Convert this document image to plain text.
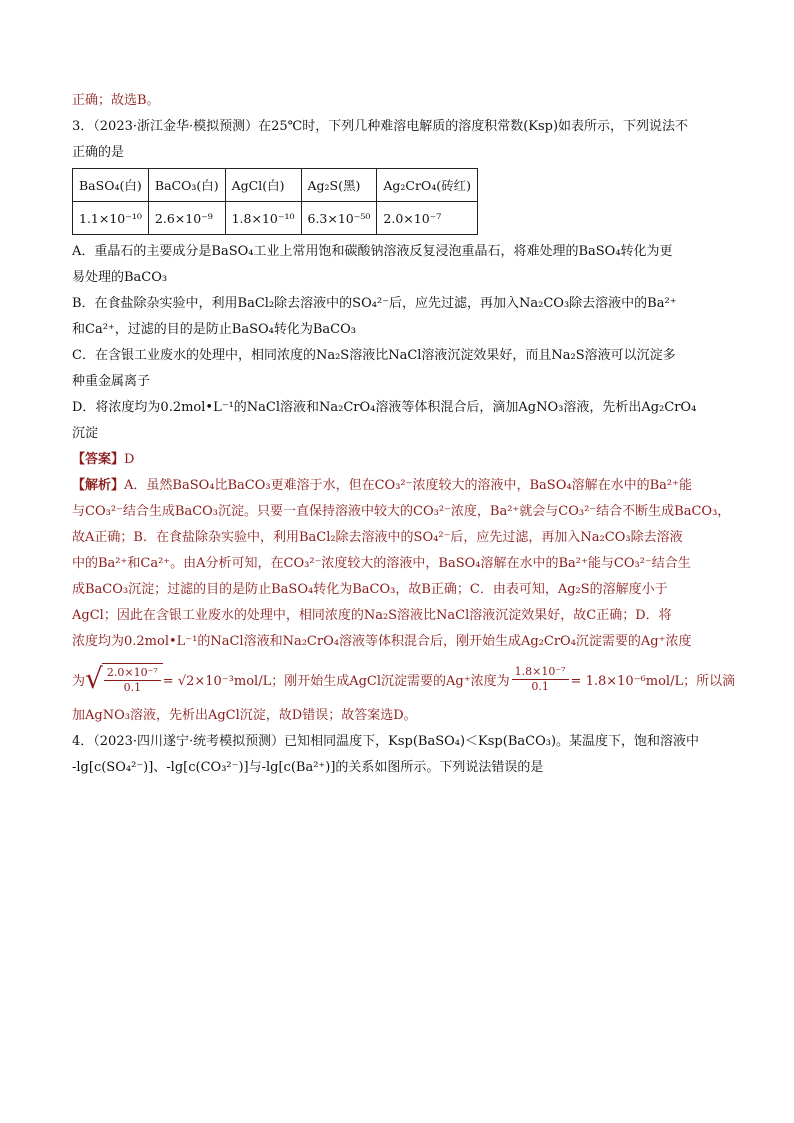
正确；故选B。
3．（2023·浙江金华·模拟预测）在25℃时，下列几种难溶电解质的溶度积常数(Ksp)如表所示，下列说法不
正确的是
BaSO₄(白)	BaCO₃(白)	AgCl(白)	Ag₂S(黑)	Ag₂CrO₄(砖红)
1.1×10⁻¹⁰	2.6×10⁻⁹	1.8×10⁻¹⁰	6.3×10⁻⁵⁰	2.0×10⁻⁷
A．重晶石的主要成分是BaSO₄工业上常用饱和碳酸钠溶液反复浸泡重晶石，将难处理的BaSO₄转化为更
易处理的BaCO₃
B．在食盐除杂实验中，利用BaCl₂除去溶液中的SO₄²⁻后，应先过滤，再加入Na₂CO₃除去溶液中的Ba²⁺
和Ca²⁺，过滤的目的是防止BaSO₄转化为BaCO₃
C．在含银工业废水的处理中，相同浓度的Na₂S溶液比NaCl溶液沉淀效果好，而且Na₂S溶液可以沉淀多
种重金属离子
D．将浓度均为0.2mol•L⁻¹的NaCl溶液和Na₂CrO₄溶液等体积混合后，滴加AgNO₃溶液，先析出Ag₂CrO₄
沉淀
【答案】D
【解析】A．虽然BaSO₄比BaCO₃更难溶于水，但在CO₃²⁻浓度较大的溶液中，BaSO₄溶解在水中的Ba²⁺能
与CO₃²⁻结合生成BaCO₃沉淀。只要一直保持溶液中较大的CO₃²⁻浓度，Ba²⁺就会与CO₃²⁻结合不断生成BaCO₃，
故A正确；B．在食盐除杂实验中，利用BaCl₂除去溶液中的SO₄²⁻后，应先过滤，再加入Na₂CO₃除去溶液
中的Ba²⁺和Ca²⁺。由A分析可知，在CO₃²⁻浓度较大的溶液中，BaSO₄溶解在水中的Ba²⁺能与CO₃²⁻结合生
成BaCO₃沉淀；过滤的目的是防止BaSO₄转化为BaCO₃，故B正确；C．由表可知，Ag₂S的溶解度小于
AgCl；因此在含银工业废水的处理中，相同浓度的Na₂S溶液比NaCl溶液沉淀效果好，故C正确；D．将
浓度均为0.2mol•L⁻¹的NaCl溶液和Na₂CrO₄溶液等体积混合后，刚开始生成Ag₂CrO₄沉淀需要的Ag⁺浓度
为 √ $\frac{\text{2.0×10⁻⁷}}{0.1} = √2\times 10^{-3}mol/L$；刚开始生成AgCl沉淀需要的Ag⁺浓度为 $\frac{\text{1.8×10⁻⁷}}{0.1} = 1.8\times 10^{-6}mol/L$；所以滴
加AgNO₃溶液，先析出AgCl沉淀，故D错误；故答案选D。
4．（2023·四川遂宁·统考模拟预测）已知相同温度下，Ksp(BaSO₄)＜Ksp(BaCO₃)。某温度下，饱和溶液中
-lg[c(SO₄²⁻)]、-lg[c(CO₃²⁻)]与-lg[c(Ba²⁺)]的关系如图所示。下列说法错误的是
